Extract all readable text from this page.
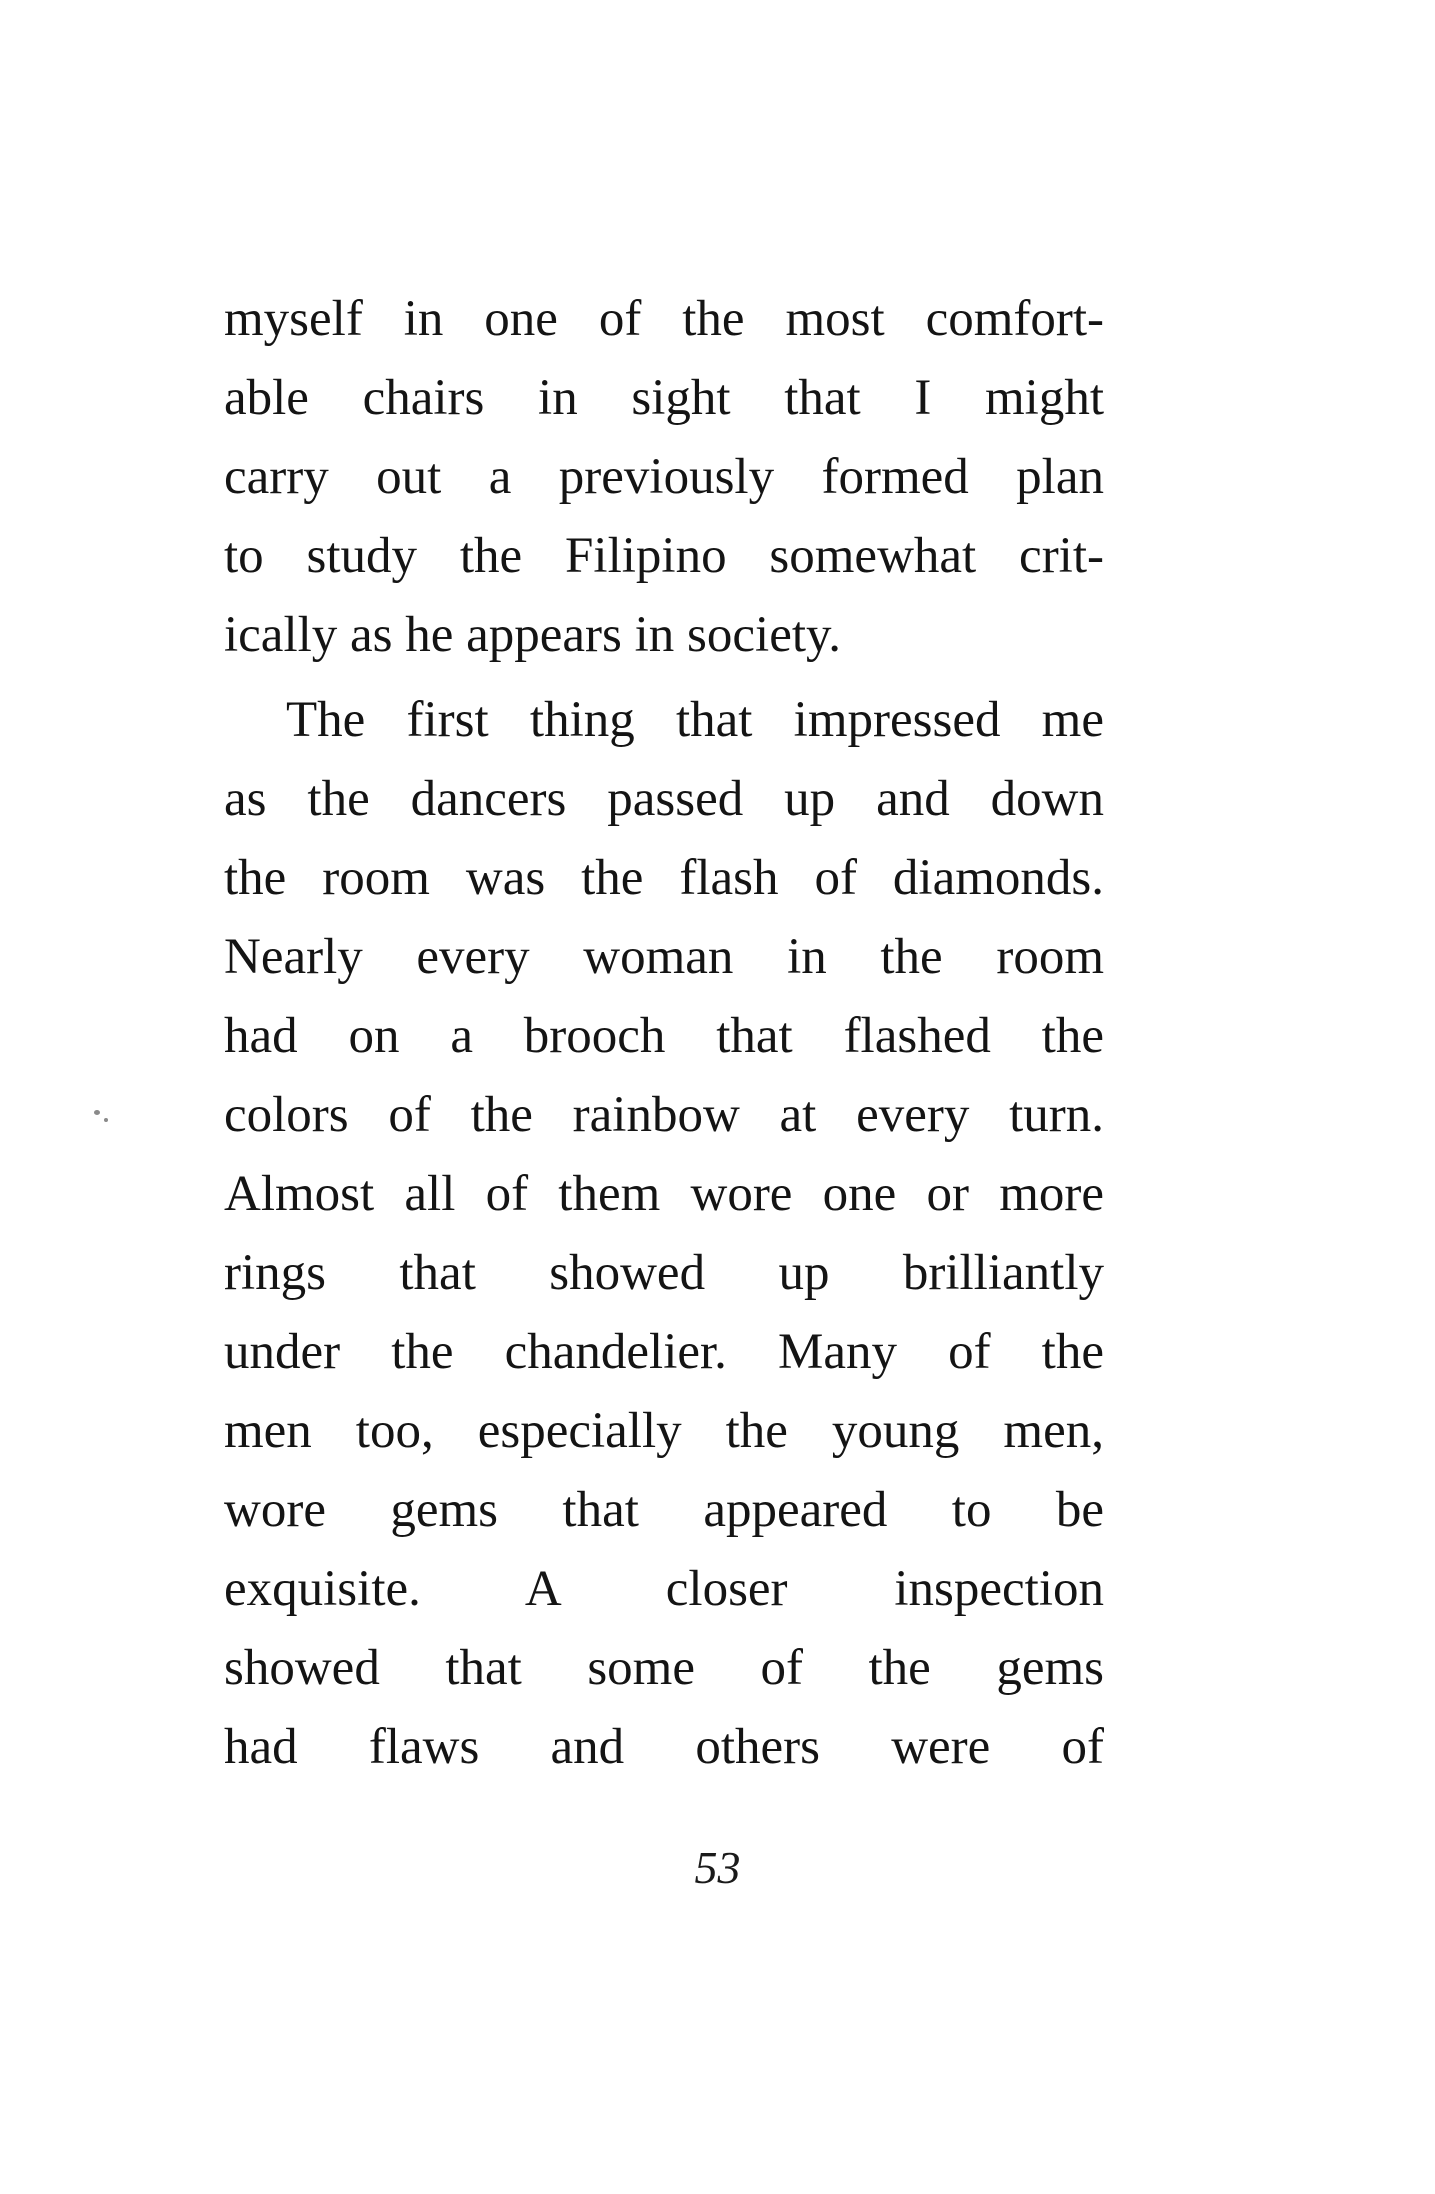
myself in one of the most comfort-
able chairs in sight that I might
carry out a previously formed plan
to study the Filipino somewhat crit-
ically as he appears in society.

The first thing that impressed me
as the dancers passed up and down
the room was the flash of diamonds.
Nearly every woman in the room
had on a brooch that flashed the
colors of the rainbow at every turn.
Almost all of them wore one or more
rings that showed up brilliantly
under the chandelier. Many of the
men too, especially the young men,
wore gems that appeared to be
exquisite. A closer inspection
showed that some of the gems
had flaws and others were of

53
